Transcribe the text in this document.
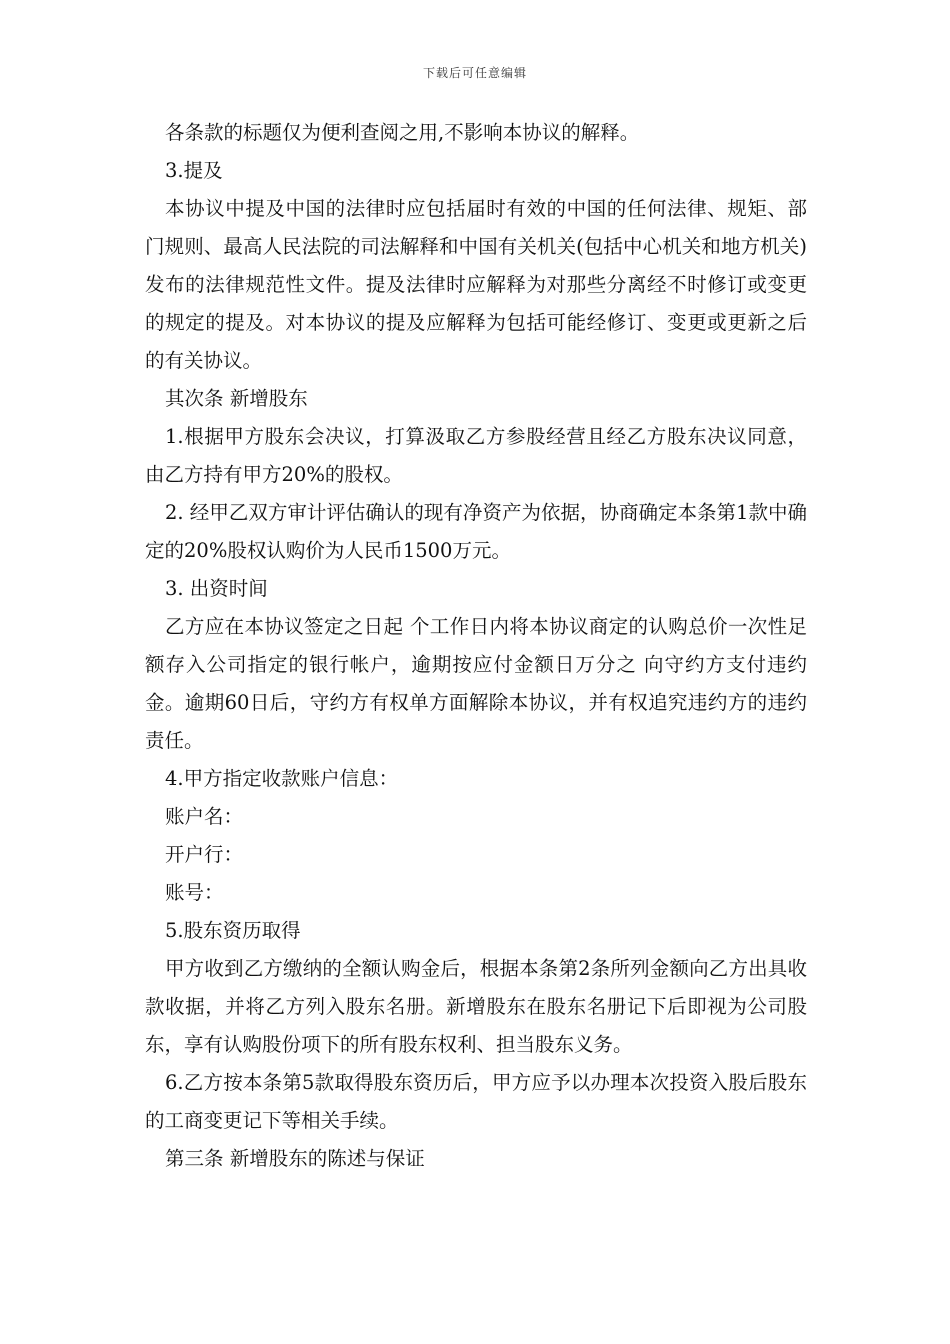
下载后可任意编辑

各条款的标题仅为便利查阅之用,不影响本协议的解释。

3.提及

本协议中提及中国的法律时应包括届时有效的中国的任何法律、规矩、部门规则、最高人民法院的司法解释和中国有关机关(包括中心机关和地方机关)发布的法律规范性文件。提及法律时应解释为对那些分离经不时修订或变更的规定的提及。对本协议的提及应解释为包括可能经修订、变更或更新之后的有关协议。

其次条 新增股东

1.根据甲方股东会决议，打算汲取乙方参股经营且经乙方股东决议同意，由乙方持有甲方20%的股权。

2. 经甲乙双方审计评估确认的现有净资产为依据，协商确定本条第1款中确定的20%股权认购价为人民币1500万元。

3. 出资时间

乙方应在本协议签定之日起 个工作日内将本协议商定的认购总价一次性足额存入公司指定的银行帐户，逾期按应付金额日万分之 向守约方支付违约金。逾期60日后，守约方有权单方面解除本协议，并有权追究违约方的违约责任。

4.甲方指定收款账户信息：

账户名：

开户行：

账号：

5.股东资历取得

甲方收到乙方缴纳的全额认购金后，根据本条第2条所列金额向乙方出具收款收据，并将乙方列入股东名册。新增股东在股东名册记下后即视为公司股东，享有认购股份项下的所有股东权利、担当股东义务。

6.乙方按本条第5款取得股东资历后，甲方应予以办理本次投资入股后股东的工商变更记下等相关手续。

第三条 新增股东的陈述与保证
